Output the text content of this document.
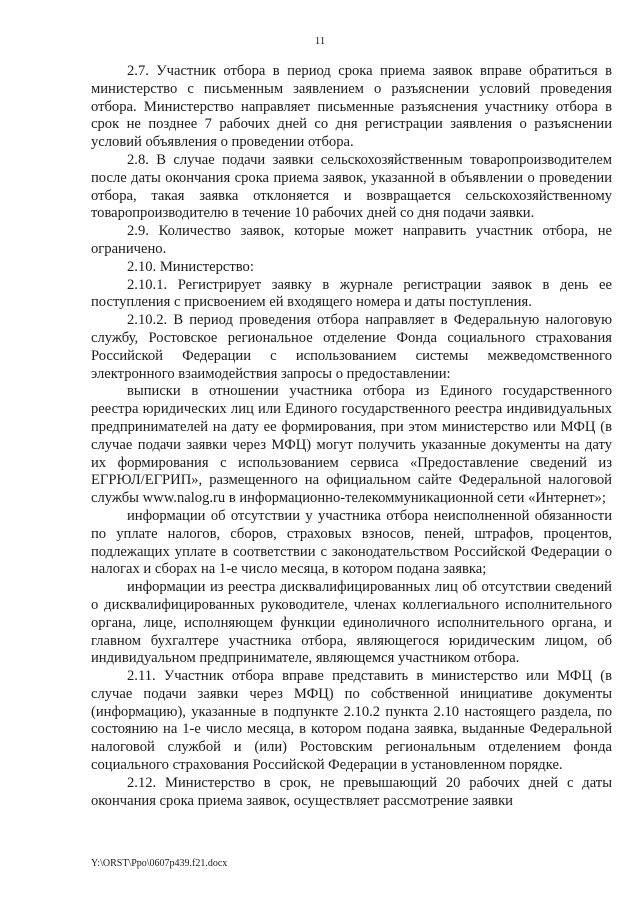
11

2.7. Участник отбора в период срока приема заявок вправе обратиться в министерство с письменным заявлением о разъяснении условий проведения отбора. Министерство направляет письменные разъяснения участнику отбора в срок не позднее 7 рабочих дней со дня регистрации заявления о разъяснении условий объявления о проведении отбора.

2.8. В случае подачи заявки сельскохозяйственным товаропроизводителем после даты окончания срока приема заявок, указанной в объявлении о проведении отбора, такая заявка отклоняется и возвращается сельскохозяйственному товаропроизводителю в течение 10 рабочих дней со дня подачи заявки.

2.9. Количество заявок, которые может направить участник отбора, не ограничено.

2.10. Министерство:

2.10.1. Регистрирует заявку в журнале регистрации заявок в день ее поступления с присвоением ей входящего номера и даты поступления.

2.10.2. В период проведения отбора направляет в Федеральную налоговую службу, Ростовское региональное отделение Фонда социального страхования Российской Федерации с использованием системы межведомственного электронного взаимодействия запросы о предоставлении:

выписки в отношении участника отбора из Единого государственного реестра юридических лиц или Единого государственного реестра индивидуальных предпринимателей на дату ее формирования, при этом министерство или МФЦ (в случае подачи заявки через МФЦ) могут получить указанные документы на дату их формирования с использованием сервиса «Предоставление сведений из ЕГРЮЛ/ЕГРИП», размещенного на официальном сайте Федеральной налоговой службы www.nalog.ru в информационно-телекоммуникационной сети «Интернет»;

информации об отсутствии у участника отбора неисполненной обязанности по уплате налогов, сборов, страховых взносов, пеней, штрафов, процентов, подлежащих уплате в соответствии с законодательством Российской Федерации о налогах и сборах на 1-е число месяца, в котором подана заявка;

информации из реестра дисквалифицированных лиц об отсутствии сведений о дисквалифицированных руководителе, членах коллегиального исполнительного органа, лице, исполняющем функции единоличного исполнительного органа, и главном бухгалтере участника отбора, являющегося юридическим лицом, об индивидуальном предпринимателе, являющемся участником отбора.

2.11. Участник отбора вправе представить в министерство или МФЦ (в случае подачи заявки через МФЦ) по собственной инициативе документы (информацию), указанные в подпункте 2.10.2 пункта 2.10 настоящего раздела, по состоянию на 1-е число месяца, в котором подана заявка, выданные Федеральной налоговой службой и (или) Ростовским региональным отделением фонда социального страхования Российской Федерации в установленном порядке.

2.12. Министерство в срок, не превышающий 20 рабочих дней с даты окончания срока приема заявок, осуществляет рассмотрение заявки

Y:\ORST\Ppo\0607p439.f21.docx
